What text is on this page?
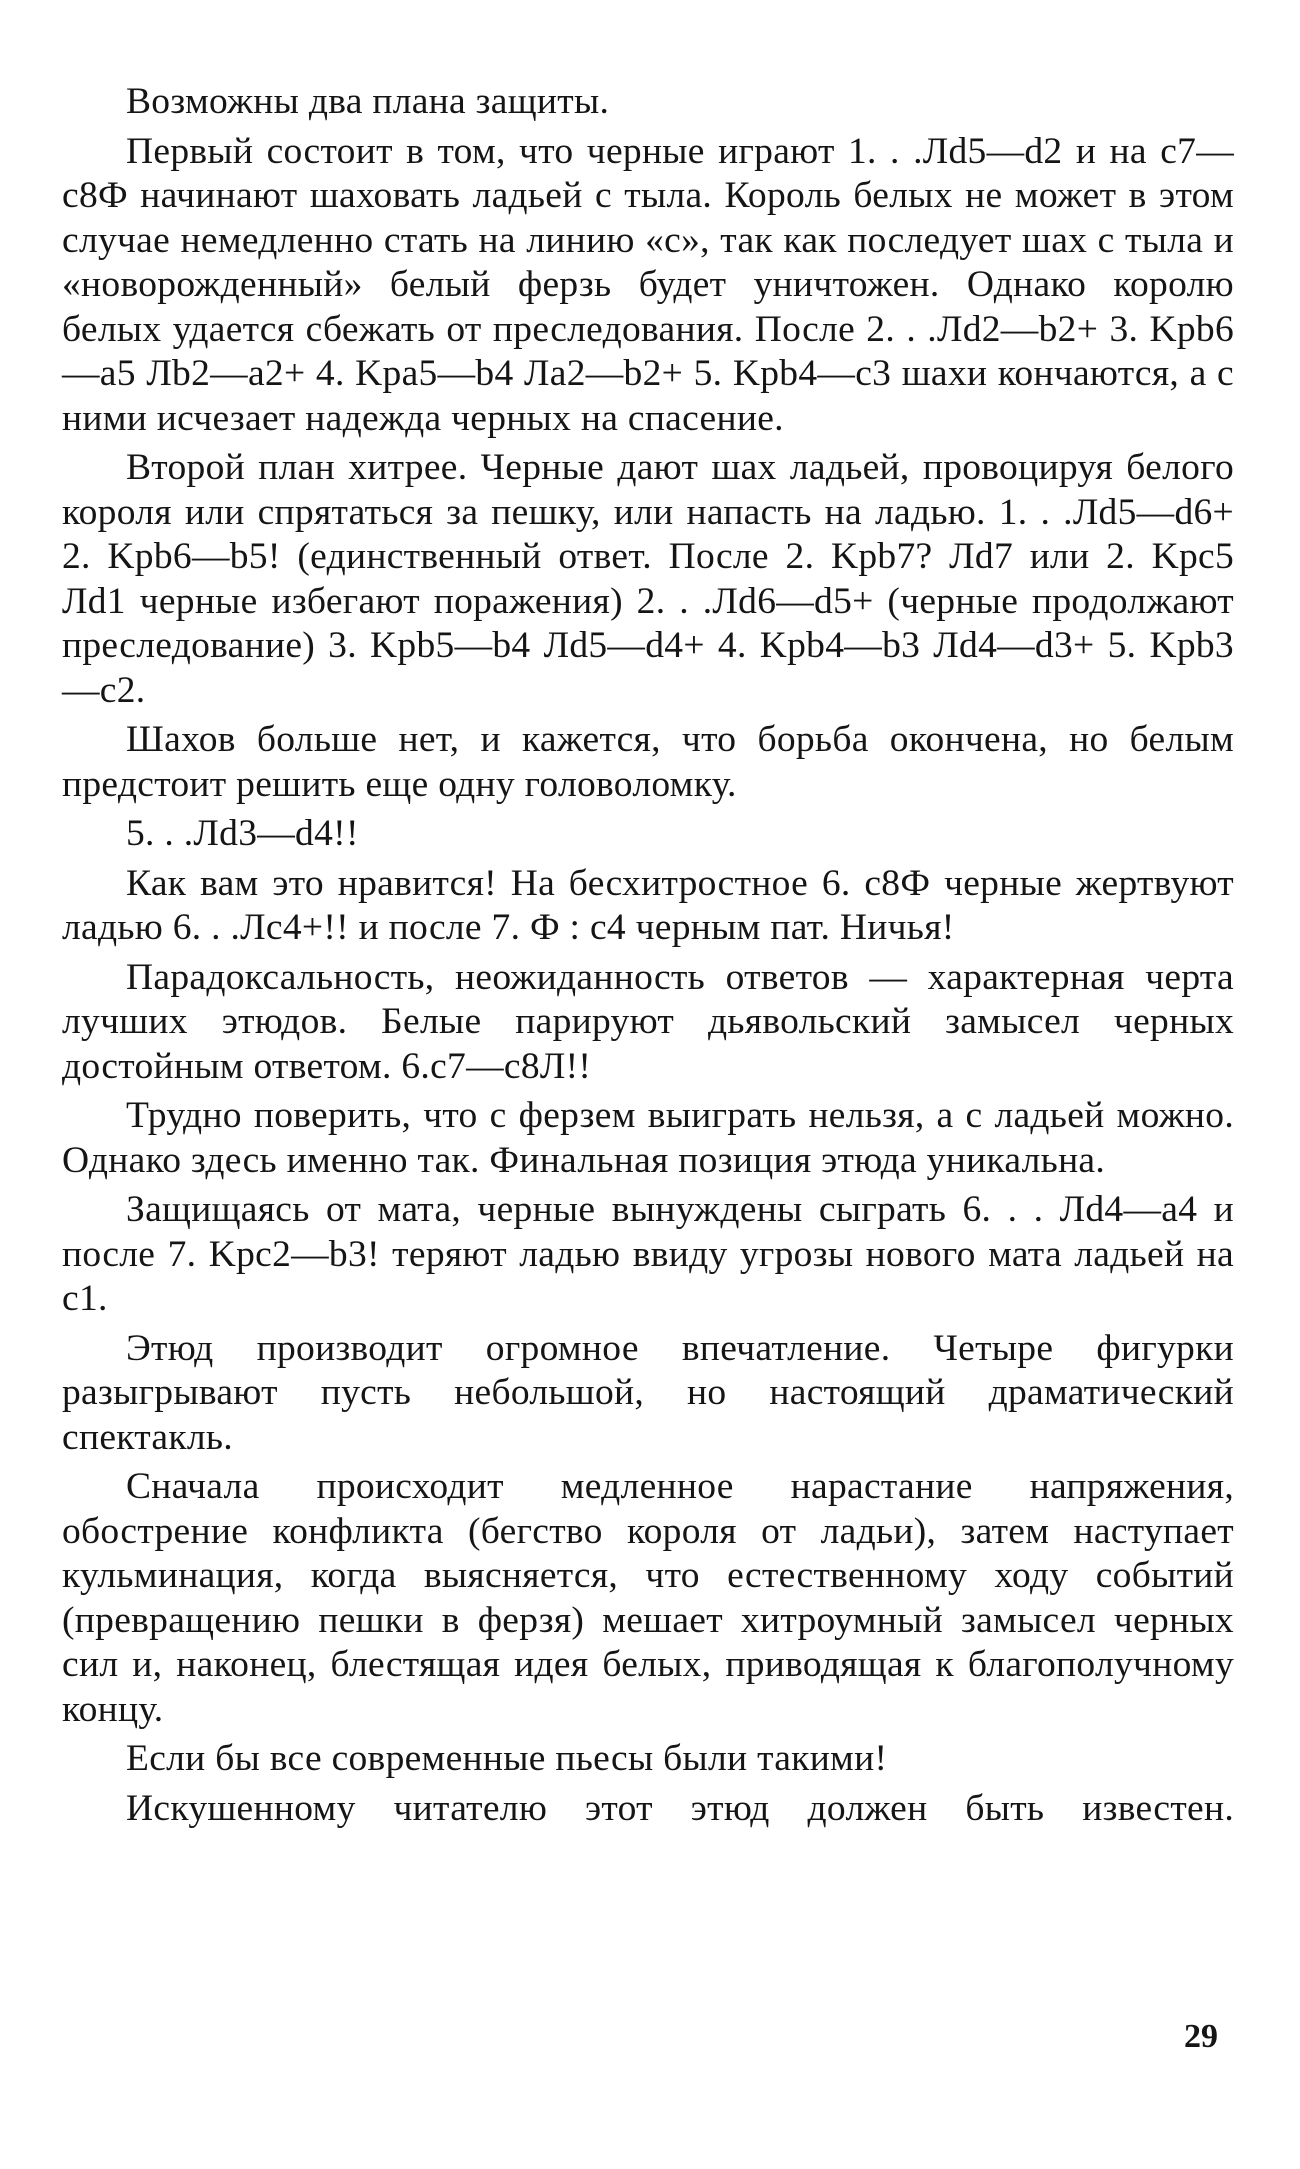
Возможны два плана защиты.

Первый состоит в том, что черные играют 1. . .Лd5—d2 и на c7—c8Ф начинают шаховать ладьей с тыла. Король белых не может в этом случае немедленно стать на линию «c», так как последует шах с тыла и «новорожденный» белый ферзь будет уничтожен. Однако королю белых удается сбежать от преследования. После 2. . .Лd2—b2+ 3. Kpb6—a5 Лb2—a2+ 4. Kpa5—b4 Лa2—b2+ 5. Kpb4—c3 шахи кончаются, а с ними исчезает надежда черных на спасение.

Второй план хитрее. Черные дают шах ладьей, провоцируя белого короля или спрятаться за пешку, или напасть на ладью. 1. . .Лd5—d6+ 2. Kpb6—b5! (единственный ответ. После 2. Kpb7? Лd7 или 2. Kpc5 Лd1 черные избегают поражения) 2. . .Лd6—d5+ (черные продолжают преследование) 3. Kpb5—b4 Лd5—d4+ 4. Kpb4—b3 Лd4—d3+ 5. Kpb3—c2.

Шахов больше нет, и кажется, что борьба окончена, но белым предстоит решить еще одну головоломку.

5. . .Лd3—d4!!

Как вам это нравится! На бесхитростное 6. c8Ф черные жертвуют ладью 6. . .Лc4+!! и после 7. Ф : c4 черным пат. Ничья!

Парадоксальность, неожиданность ответов — характерная черта лучших этюдов. Белые парируют дьявольский замысел черных достойным ответом. 6.c7—c8Л!!

Трудно поверить, что с ферзем выиграть нельзя, а с ладьей можно. Однако здесь именно так. Финальная позиция этюда уникальна.

Защищаясь от мата, черные вынуждены сыграть 6. . . Лd4—a4 и после 7. Kpc2—b3! теряют ладью ввиду угрозы нового мата ладьей на c1.

Этюд производит огромное впечатление. Четыре фигурки разыгрывают пусть небольшой, но настоящий драматический спектакль.

Сначала происходит медленное нарастание напряжения, обострение конфликта (бегство короля от ладьи), затем наступает кульминация, когда выясняется, что естественному ходу событий (превращению пешки в ферзя) мешает хитроумный замысел черных сил и, наконец, блестящая идея белых, приводящая к благополучному концу.

Если бы все современные пьесы были такими!

Искушенному читателю этот этюд должен быть известен.

29
